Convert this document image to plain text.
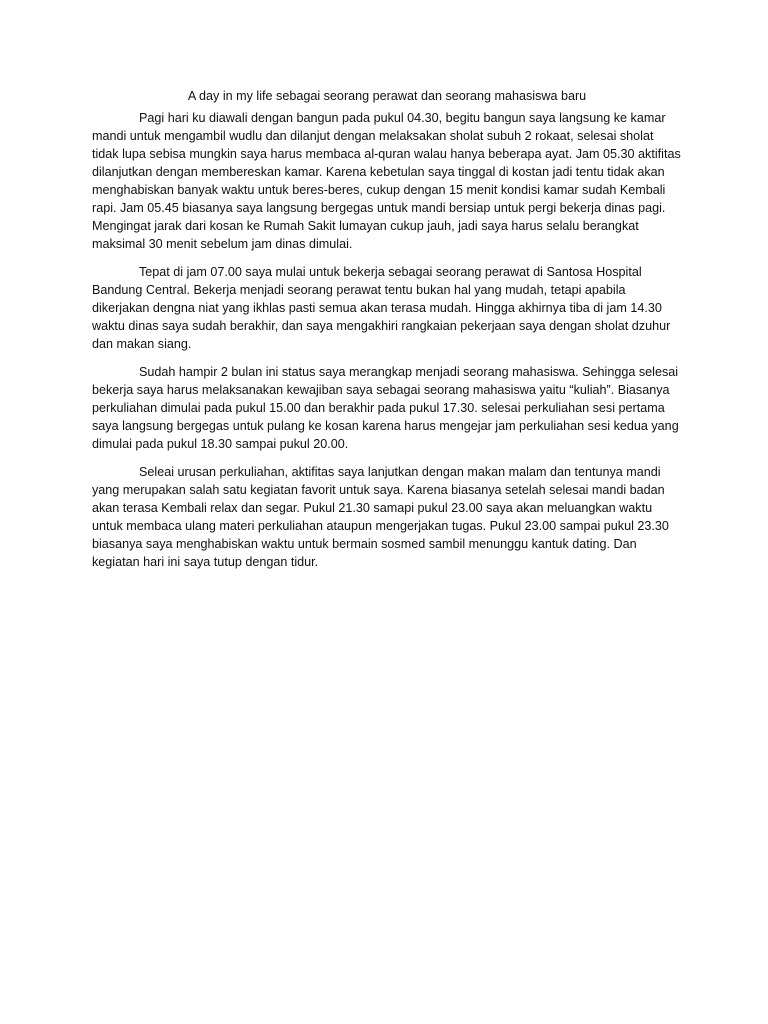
A day in my life sebagai seorang perawat dan seorang mahasiswa baru

Pagi hari ku diawali dengan bangun pada pukul 04.30, begitu bangun saya langsung ke kamar mandi untuk mengambil wudlu dan dilanjut dengan melaksakan sholat subuh 2 rokaat, selesai sholat tidak lupa sebisa mungkin saya harus membaca al-quran walau hanya beberapa ayat. Jam 05.30 aktifitas dilanjutkan dengan membereskan kamar. Karena kebetulan saya tinggal di kostan jadi tentu tidak akan menghabiskan banyak waktu untuk beres-beres, cukup dengan 15 menit kondisi kamar sudah Kembali rapi. Jam 05.45 biasanya saya langsung bergegas untuk mandi bersiap untuk pergi bekerja dinas pagi. Mengingat jarak dari kosan ke Rumah Sakit lumayan cukup jauh, jadi saya harus selalu berangkat maksimal 30 menit sebelum jam dinas dimulai.

Tepat di jam 07.00 saya mulai untuk bekerja sebagai seorang perawat di Santosa Hospital Bandung Central. Bekerja menjadi seorang perawat tentu bukan hal yang mudah, tetapi apabila dikerjakan dengna niat yang ikhlas pasti semua akan terasa mudah. Hingga akhirnya tiba di jam 14.30 waktu dinas saya sudah berakhir, dan saya mengakhiri rangkaian pekerjaan saya dengan sholat dzuhur dan makan siang.

Sudah hampir 2 bulan ini status saya merangkap menjadi seorang mahasiswa. Sehingga selesai bekerja saya harus melaksanakan kewajiban saya sebagai seorang mahasiswa yaitu “kuliah”. Biasanya perkuliahan dimulai pada pukul 15.00 dan berakhir pada pukul 17.30. selesai perkuliahan sesi pertama saya langsung bergegas untuk pulang ke kosan karena harus mengejar jam perkuliahan sesi kedua yang dimulai pada pukul 18.30 sampai pukul 20.00.

Seleai urusan perkuliahan, aktifitas saya lanjutkan dengan makan malam dan tentunya mandi yang merupakan salah satu kegiatan favorit untuk saya. Karena biasanya setelah selesai mandi badan akan terasa Kembali relax dan segar. Pukul 21.30 samapi pukul 23.00 saya akan meluangkan waktu untuk membaca ulang materi perkuliahan ataupun mengerjakan tugas. Pukul 23.00 sampai pukul 23.30 biasanya saya menghabiskan waktu untuk bermain sosmed sambil menunggu kantuk dating. Dan kegiatan hari ini saya tutup dengan tidur.
